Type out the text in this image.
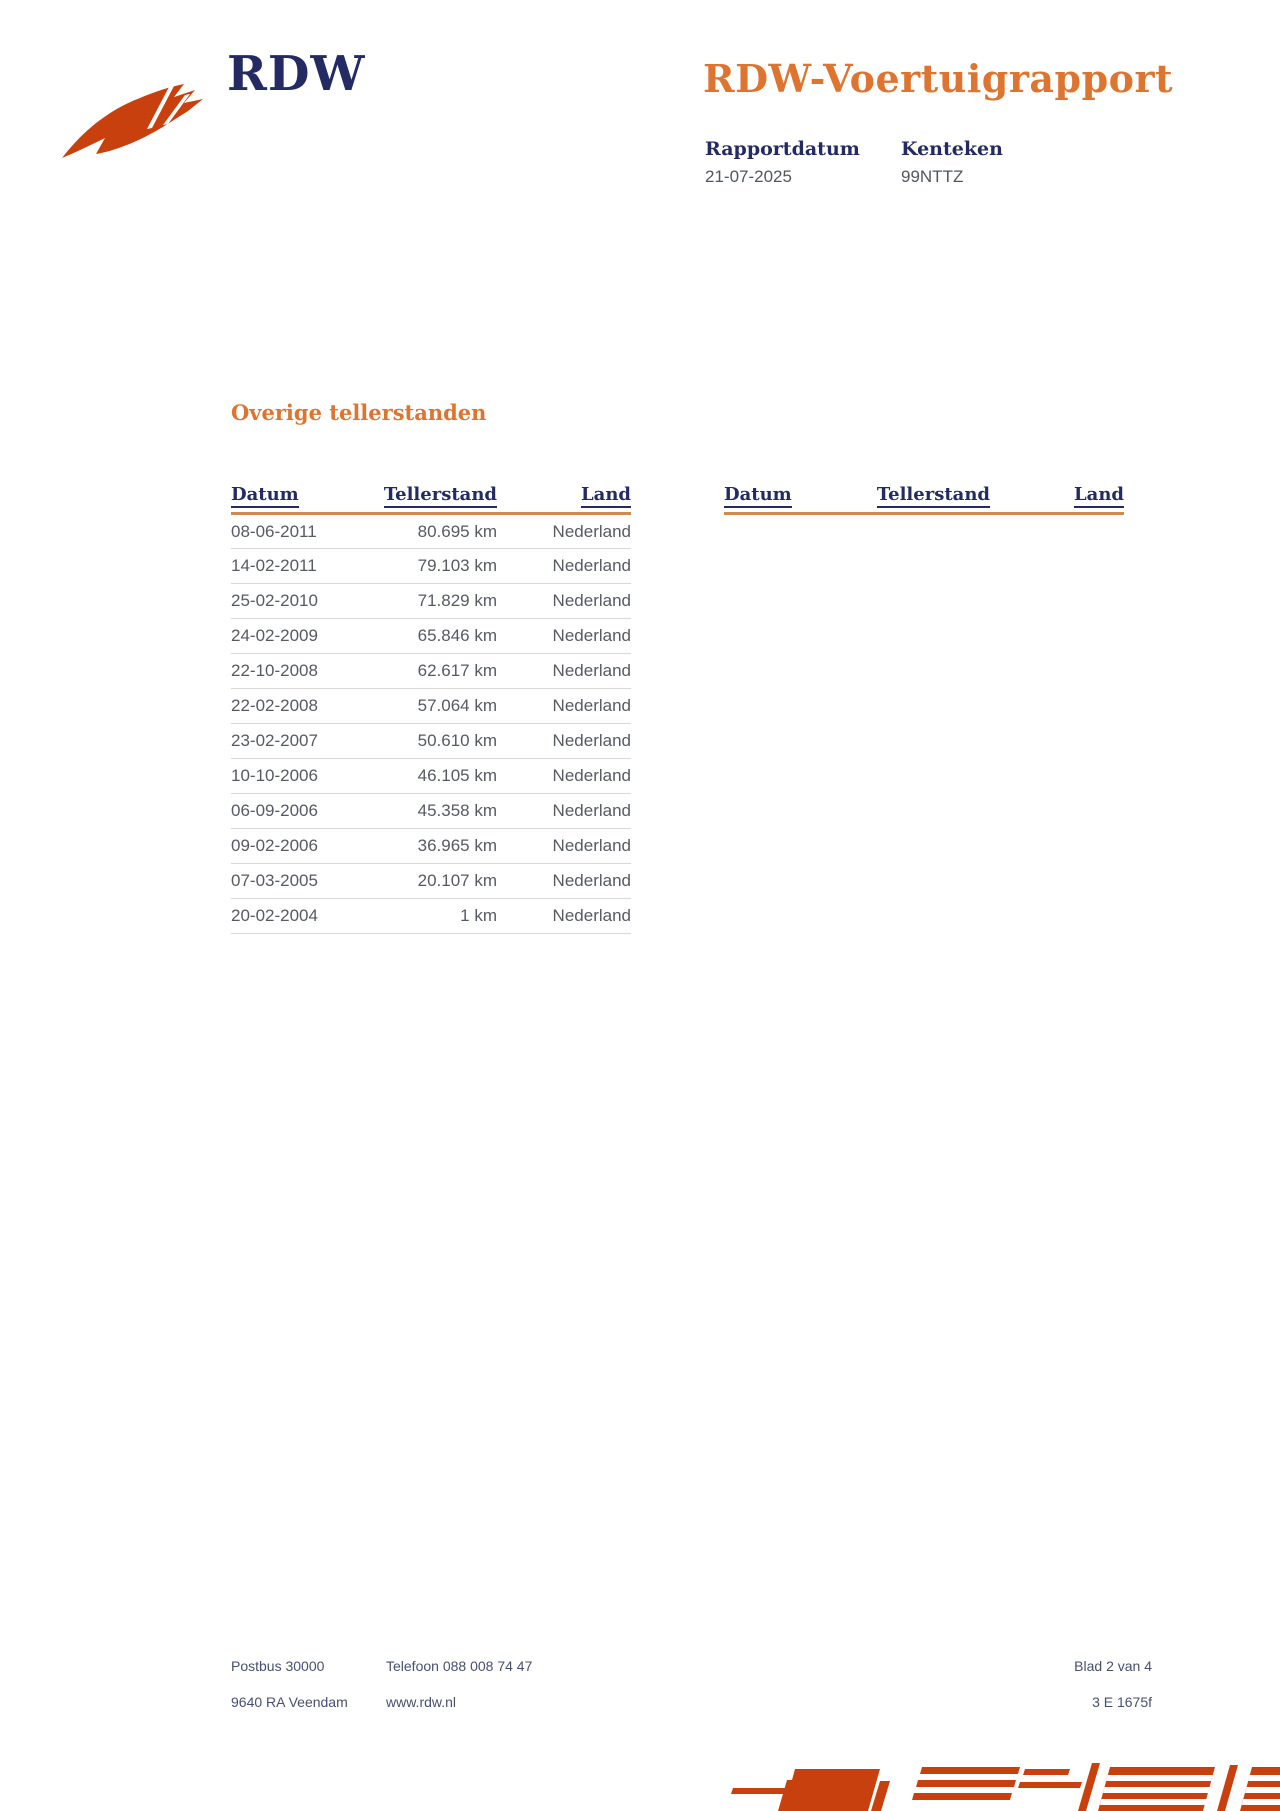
RDW	RDW-Voertuigrapport
Rapportdatum
21-07-2025
Kenteken
99NTTZ
Overige tellerstanden
Datum	Tellerstand	Land
08-06-2011	80.695 km	Nederland
14-02-2011	79.103 km	Nederland
25-02-2010	71.829 km	Nederland
24-02-2009	65.846 km	Nederland
22-10-2008	62.617 km	Nederland
22-02-2008	57.064 km	Nederland
23-02-2007	50.610 km	Nederland
10-10-2006	46.105 km	Nederland
06-09-2006	45.358 km	Nederland
09-02-2006	36.965 km	Nederland
07-03-2005	20.107 km	Nederland
20-02-2004	1 km	Nederland
Datum	Tellerstand	Land
Postbus 30000
9640 RA Veendam
Telefoon 088 008 74 47
www.rdw.nl
Blad 2 van 4
3 E 1675f
